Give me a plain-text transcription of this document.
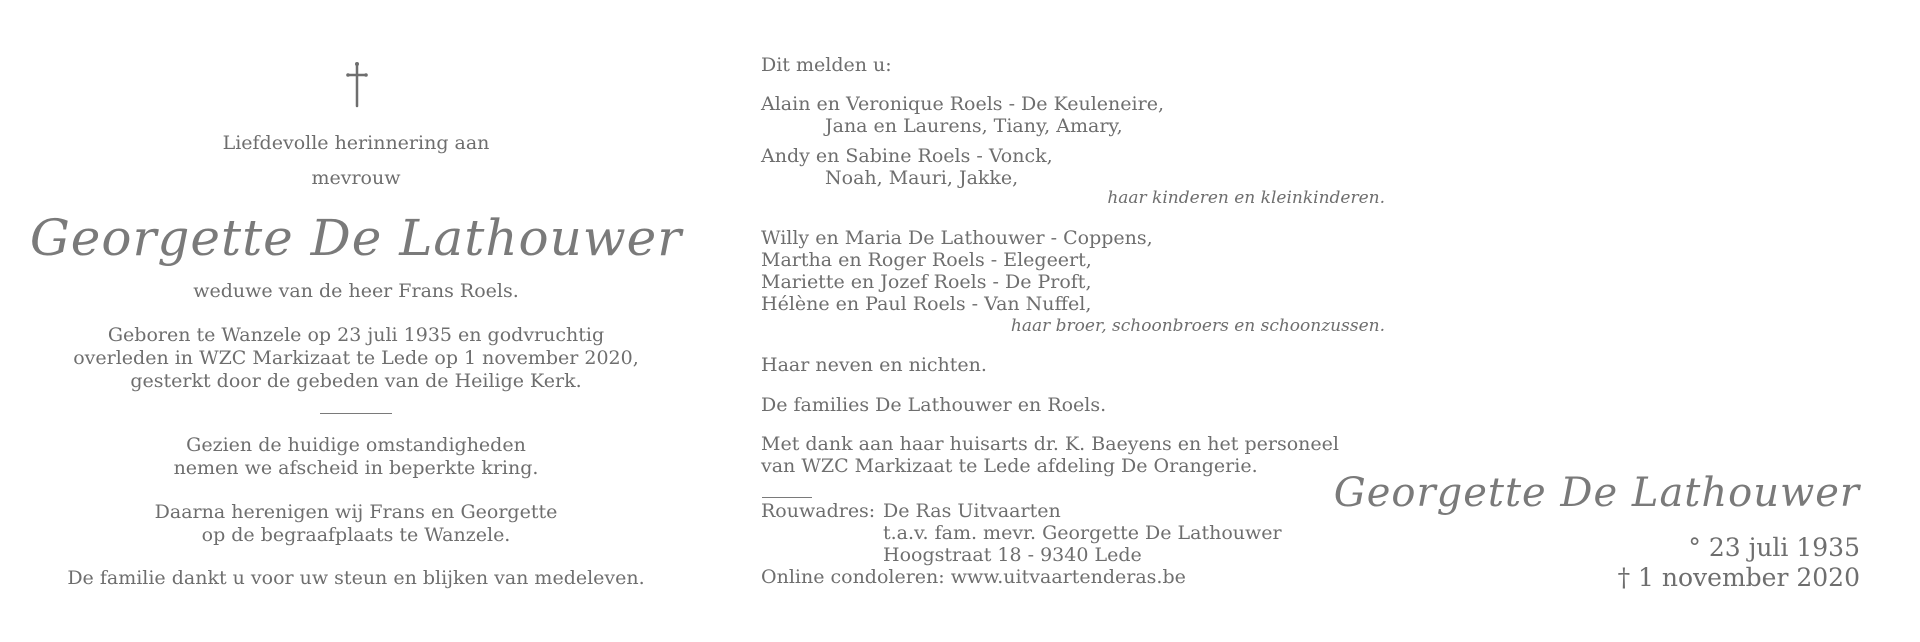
Liefdevolle herinnering aan
mevrouw
Georgette De Lathouwer
weduwe van de heer Frans Roels.
Geboren te Wanzele op 23 juli 1935 en godvruchtig
overleden in WZC Markizaat te Lede op 1 november 2020,
gesterkt door de gebeden van de Heilige Kerk.
Gezien de huidige omstandigheden
nemen we afscheid in beperkte kring.
Daarna herenigen wij Frans en Georgette
op de begraafplaats te Wanzele.
De familie dankt u voor uw steun en blijken van medeleven.
Dit melden u:
Alain en Veronique Roels - De Keuleneire,
Jana en Laurens, Tiany, Amary,
Andy en Sabine Roels - Vonck,
Noah, Mauri, Jakke,
haar kinderen en kleinkinderen.
Willy en Maria De Lathouwer - Coppens,
Martha en Roger Roels - Elegeert,
Mariette en Jozef Roels - De Proft,
Hélène en Paul Roels - Van Nuffel,
haar broer, schoonbroers en schoonzussen.
Haar neven en nichten.
De families De Lathouwer en Roels.
Met dank aan haar huisarts dr. K. Baeyens en het personeel
van WZC Markizaat te Lede afdeling De Orangerie.
Rouwadres: De Ras Uitvaarten
t.a.v. fam. mevr. Georgette De Lathouwer
Hoogstraat 18 - 9340 Lede
Online condoleren: www.uitvaartenderas.be
Georgette De Lathouwer
° 23 juli 1935
† 1 november 2020
